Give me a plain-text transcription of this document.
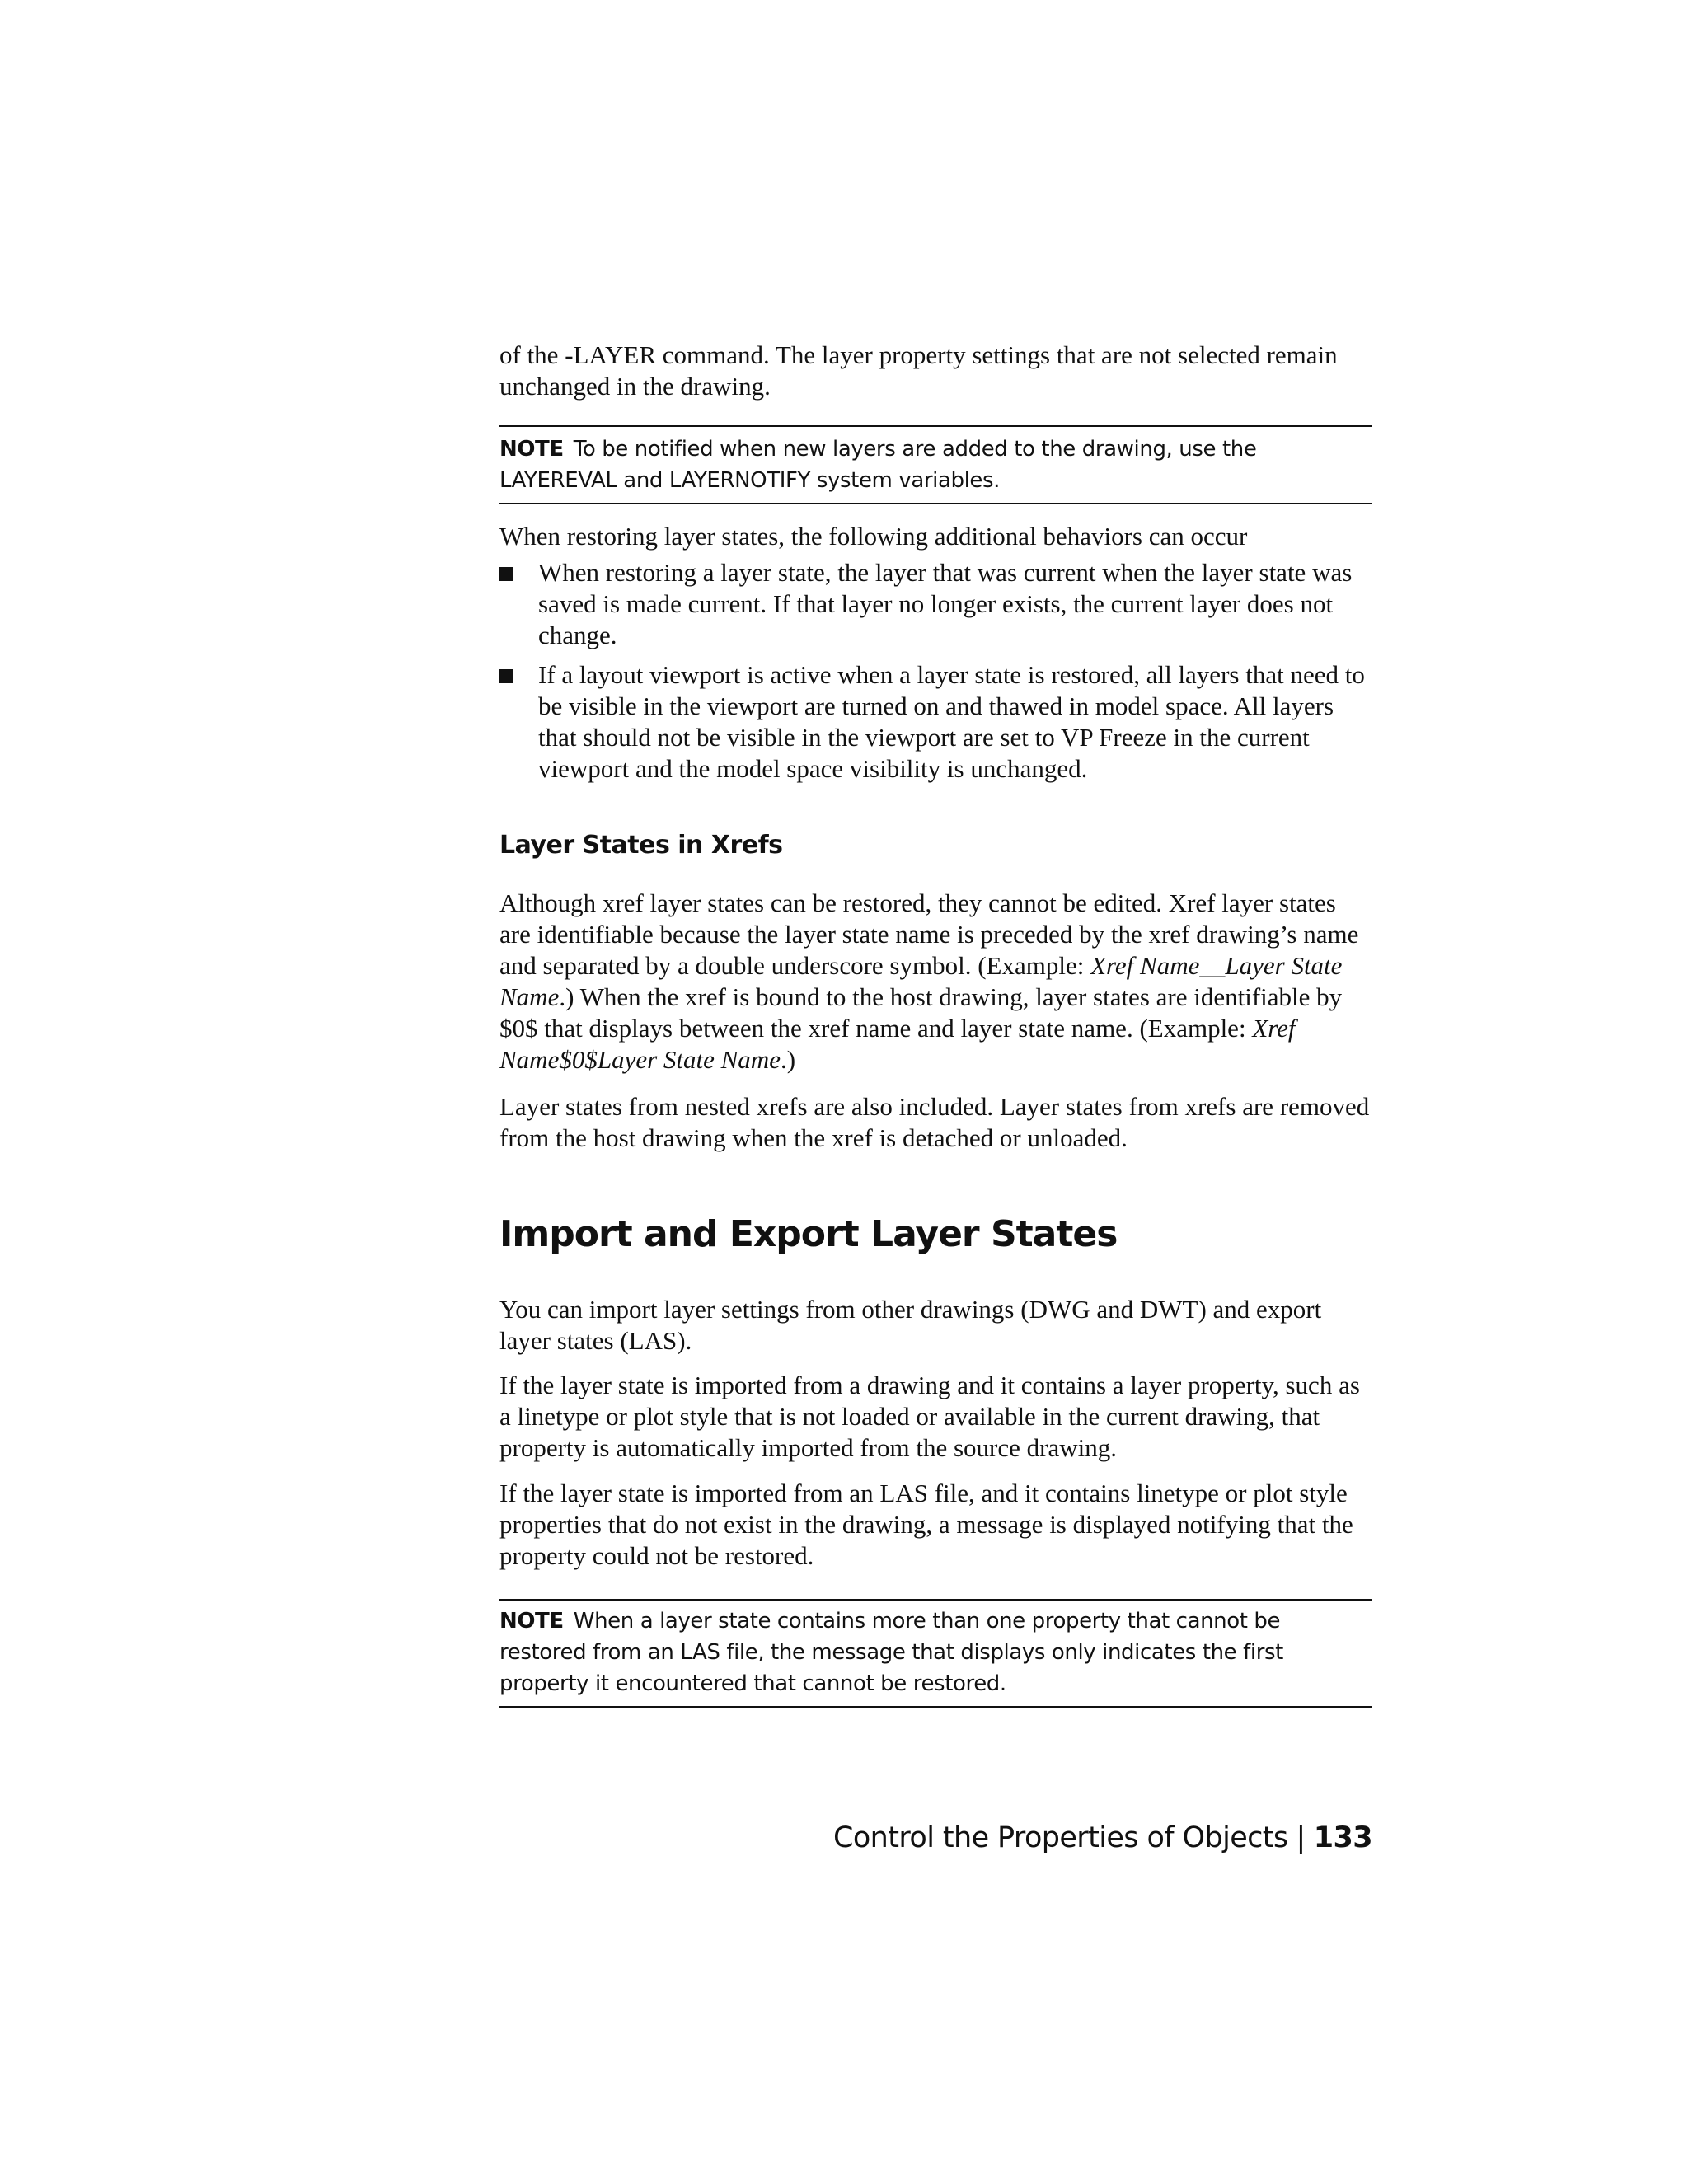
of the -LAYER command. The layer property settings that are not selected remain unchanged in the drawing.

NOTE To be notified when new layers are added to the drawing, use the LAYEREVAL and LAYERNOTIFY system variables.

When restoring layer states, the following additional behaviors can occur

When restoring a layer state, the layer that was current when the layer state was saved is made current. If that layer no longer exists, the current layer does not change.
If a layout viewport is active when a layer state is restored, all layers that need to be visible in the viewport are turned on and thawed in model space. All layers that should not be visible in the viewport are set to VP Freeze in the current viewport and the model space visibility is unchanged.
Layer States in Xrefs

Although xref layer states can be restored, they cannot be edited. Xref layer states are identifiable because the layer state name is preceded by the xref drawing’s name and separated by a double underscore symbol. (Example: Xref Name__Layer State Name.) When the xref is bound to the host drawing, layer states are identifiable by $0$ that displays between the xref name and layer state name. (Example: Xref Name$0$Layer State Name.)

Layer states from nested xrefs are also included. Layer states from xrefs are removed from the host drawing when the xref is detached or unloaded.

Import and Export Layer States

You can import layer settings from other drawings (DWG and DWT) and export layer states (LAS).

If the layer state is imported from a drawing and it contains a layer property, such as a linetype or plot style that is not loaded or available in the current drawing, that property is automatically imported from the source drawing.

If the layer state is imported from an LAS file, and it contains linetype or plot style properties that do not exist in the drawing, a message is displayed notifying that the property could not be restored.

NOTE When a layer state contains more than one property that cannot be restored from an LAS file, the message that displays only indicates the first property it encountered that cannot be restored.
Control the Properties of Objects | 133
